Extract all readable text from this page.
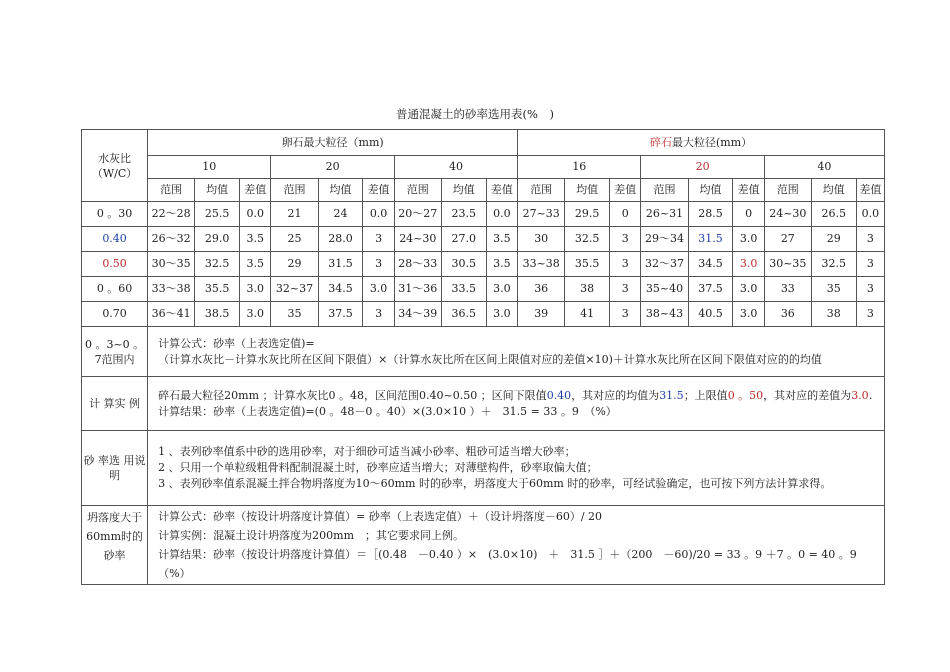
普通混凝土的砂率选用表(%　)
水灰比（W/C）	卵石最大粒径（mm)									碎石最大粒径(mm）								
	10			20			40			16			20			40		

	范围	均值	差值	范围	均值	差值	范围	均值	差值	范围	均值	差值	范围	均值	差值	范围	均值	差值

0 。30	22～28	25.5	0.0	21	24	0.0	20～27	23.5	0.0	27~33	29.5	0	26~31	28.5	0	24~30	26.5	0.0

0.40	26～32	29.0	3.5	25	28.0	3	24~30	27.0	3.5	30	32.5	3	29～34	31.5	3.0	27	29	3

0.50	30～35	32.5	3.5	29	31.5	3	28～33	30.5	3.5	33~38	35.5	3	32～37	34.5	3.0	30~35	32.5	3

0 。60	33～38	35.5	3.0	32~37	34.5	3.0	31～36	33.5	3.0	36	38	3	35~40	37.5	3.0	33	35	3

0.70	36～41	38.5	3.0	35	37.5	3	34～39	36.5	3.0	39	41	3	38~43	40.5	3.0	36	38	3

0 。3~0 。7范围内	计算公式：砂率（上表选定值)=
（计算水灰比－计算水灰比所在区间下限值）×（计算水灰比所在区间上限值对应的差值×10)＋计算水灰比所在区间下限值对应的的均值																	

计 算实 例	碎石最大粒径20mm ；计算水灰比0 。48，区间范围0.40~0.50 ；区间下限值0.40，其对应的均值为31.5；上限值0 。50，其对应的差值为3.0.
计算结果：砂率（上表选定值)=(0 。48－0 。40）×(3.0×10 ）＋　31.5 = 33 。9　（%）																	

砂 率选 用说 明	1 、表列砂率值系中砂的选用砂率，对于细砂可适当减小砂率、粗砂可适当增大砂率；
2 、只用一个单粒级粗骨料配制混凝土时，砂率应适当增大；对薄壁构件，砂率取偏大值；
3 、表列砂率值系混凝土拌合物坍落度为10～60mm 时的砂率，坍落度大于60mm 时的砂率，可经试验确定，也可按下列方法计算求得。																	

坍落度大于60mm时的砂率	计算公式：砂率（按设计坍落度计算值）= 砂率（上表选定值）＋（设计坍落度－60）/ 20
计算实例：混凝土设计坍落度为200mm　；其它要求同上例。
计算结果：砂率（按设计坍落度计算值）＝［(0.48　－0.40 ）×　(3.0×10)　＋　31.5 ］＋（200　－60)/20 = 33 。9 ＋7 。0 = 40 。9 （%）																	
